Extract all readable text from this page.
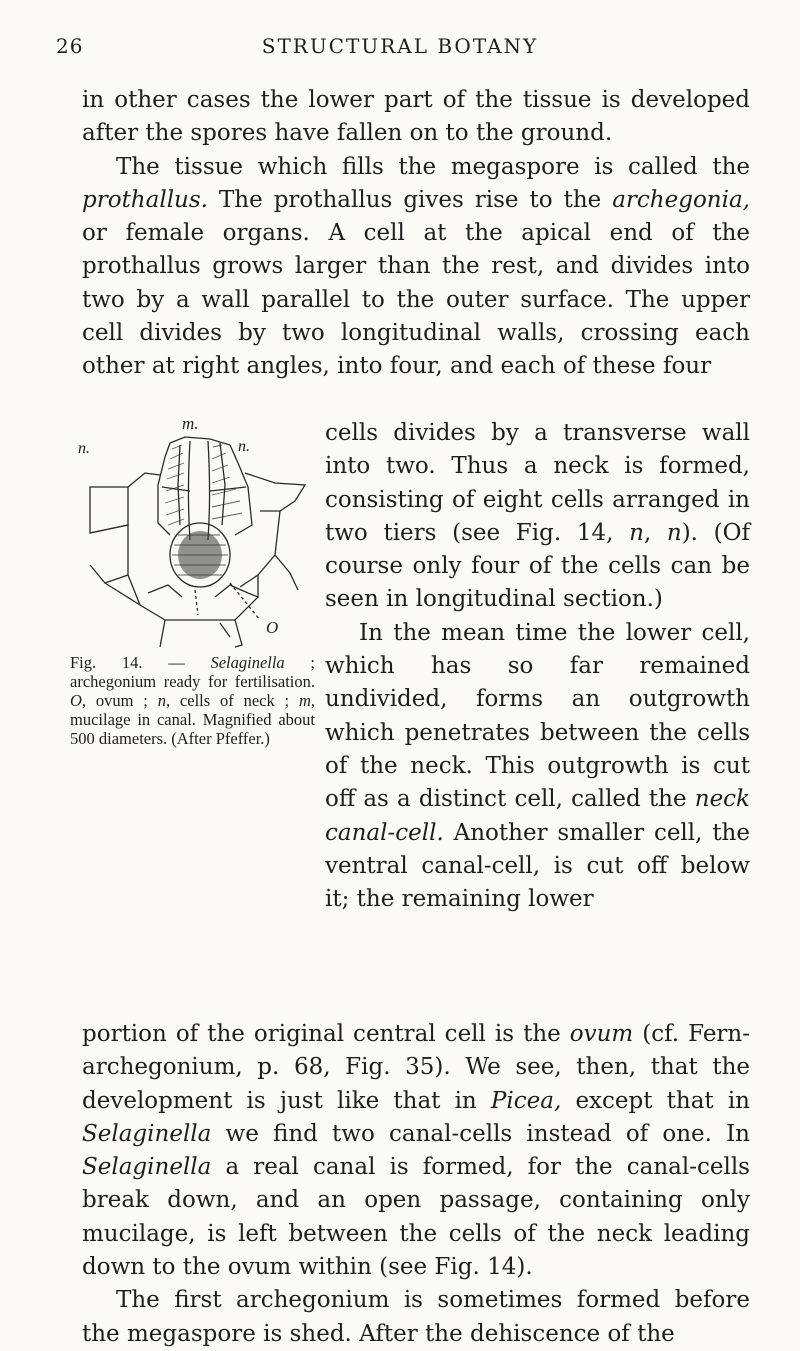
26	STRUCTURAL BOTANY

in other cases the lower part of the tissue is developed after the spores have fallen on to the ground.

The tissue which fills the megaspore is called the prothallus. The prothallus gives rise to the archegonia, or female organs. A cell at the apical end of the prothallus grows larger than the rest, and divides into two by a wall parallel to the outer surface. The upper cell divides by two longitudinal walls, crossing each other at right angles, into four, and each of these four

m.
n.	n.
O
Fig. 14. — Selaginella ; archegonium ready for fertilisation. O, ovum ; n, cells of neck ; m, mucilage in canal. Magnified about 500 diameters. (After Pfeffer.)

cells divides by a transverse wall into two. Thus a neck is formed, consisting of eight cells arranged in two tiers (see Fig. 14, n, n). (Of course only four of the cells can be seen in longitudinal section.)

In the mean time the lower cell, which has so far remained undivided, forms an outgrowth which penetrates between the cells of the neck. This outgrowth is cut off as a distinct cell, called the neck canal-cell. Another smaller cell, the ventral canal-cell, is cut off below it; the remaining lower

portion of the original central cell is the ovum (cf. Fern-archegonium, p. 68, Fig. 35). We see, then, that the development is just like that in Picea, except that in Selaginella we find two canal-cells instead of one. In Selaginella a real canal is formed, for the canal-cells break down, and an open passage, containing only mucilage, is left between the cells of the neck leading down to the ovum within (see Fig. 14).

The first archegonium is sometimes formed before the megaspore is shed. After the dehiscence of the
